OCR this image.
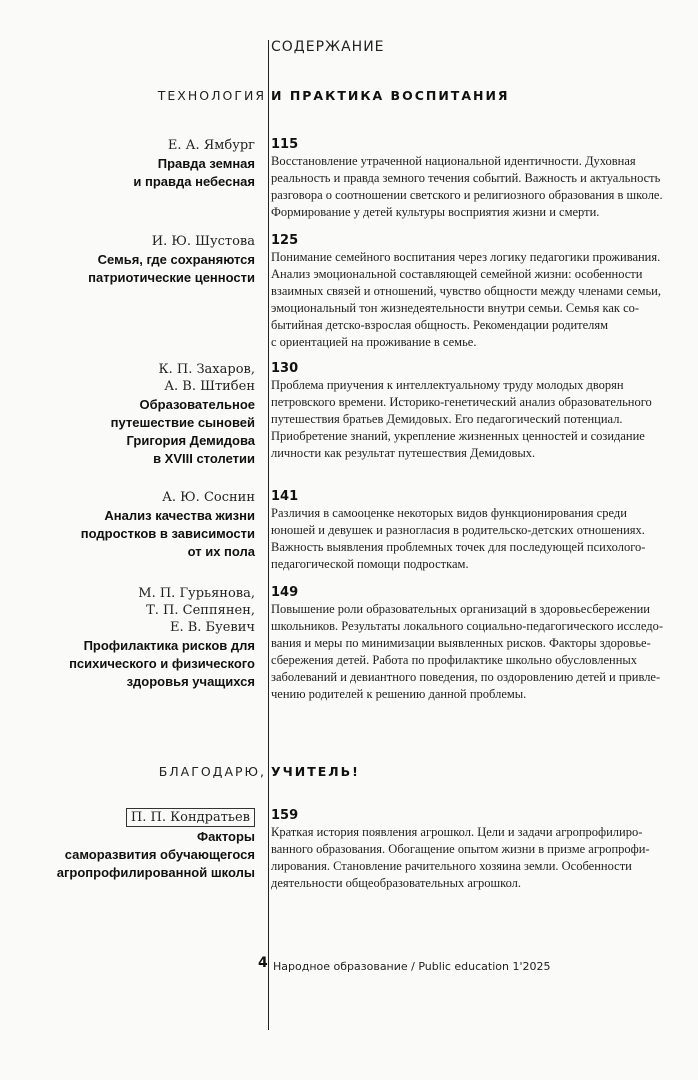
СОДЕРЖАНИЕ
ТЕХНОЛОГИЯ И ПРАКТИКА ВОСПИТАНИЯ
Е. А. Ямбург
Правда земная
и правда небесная
115
Восстановление утраченной национальной идентичности. Духовная
реальность и правда земного течения событий. Важность и актуальность
разговора о соотношении светского и религиозного образования в школе.
Формирование у детей культуры восприятия жизни и смерти.
И. Ю. Шустова
Семья, где сохраняются
патриотические ценности
125
Понимание семейного воспитания через логику педагогики проживания.
Анализ эмоциональной составляющей семейной жизни: особенности
взаимных связей и отношений, чувство общности между членами семьи,
эмоциональный тон жизнедеятельности внутри семьи. Семья как со-
бытийная детско-взрослая общность. Рекомендации родителям
с ориентацией на проживание в семье.
К. П. Захаров,
А. В. Штибен
Образовательное
путешествие сыновей
Григория Демидова
в XVIII столетии
130
Проблема приучения к интеллектуальному труду молодых дворян
петровского времени. Историко-генетический анализ образовательного
путешествия братьев Демидовых. Его педагогический потенциал.
Приобретение знаний, укрепление жизненных ценностей и созидание
личности как результат путешествия Демидовых.
А. Ю. Соснин
Анализ качества жизни
подростков в зависимости
от их пола
141
Различия в самооценке некоторых видов функционирования среди
юношей и девушек и разногласия в родительско-детских отношениях.
Важность выявления проблемных точек для последующей психолого-
педагогической помощи подросткам.
М. П. Гурьянова,
Т. П. Сеппянен,
Е. В. Буевич
Профилактика рисков для
психического и физического
здоровья учащихся
149
Повышение роли образовательных организаций в здоровьесбережении
школьников. Результаты локального социально-педагогического исследо-
вания и меры по минимизации выявленных рисков. Факторы здоровье-
сбережения детей. Работа по профилактике школьно обусловленных
заболеваний и девиантного поведения, по оздоровлению детей и привле-
чению родителей к решению данной проблемы.
БЛАГОДАРЮ, УЧИТЕЛЬ!
П. П. Кондратьев
Факторы
саморазвития обучающегося
агропрофилированной школы
159
Краткая история появления агрошкол. Цели и задачи агропрофилиро-
ванного образования. Обогащение опытом жизни в призме агропрофи-
лирования. Становление рачительного хозяина земли. Особенности
деятельности общеобразовательных агрошкол.
4 Народное образование / Public education 1'2025
